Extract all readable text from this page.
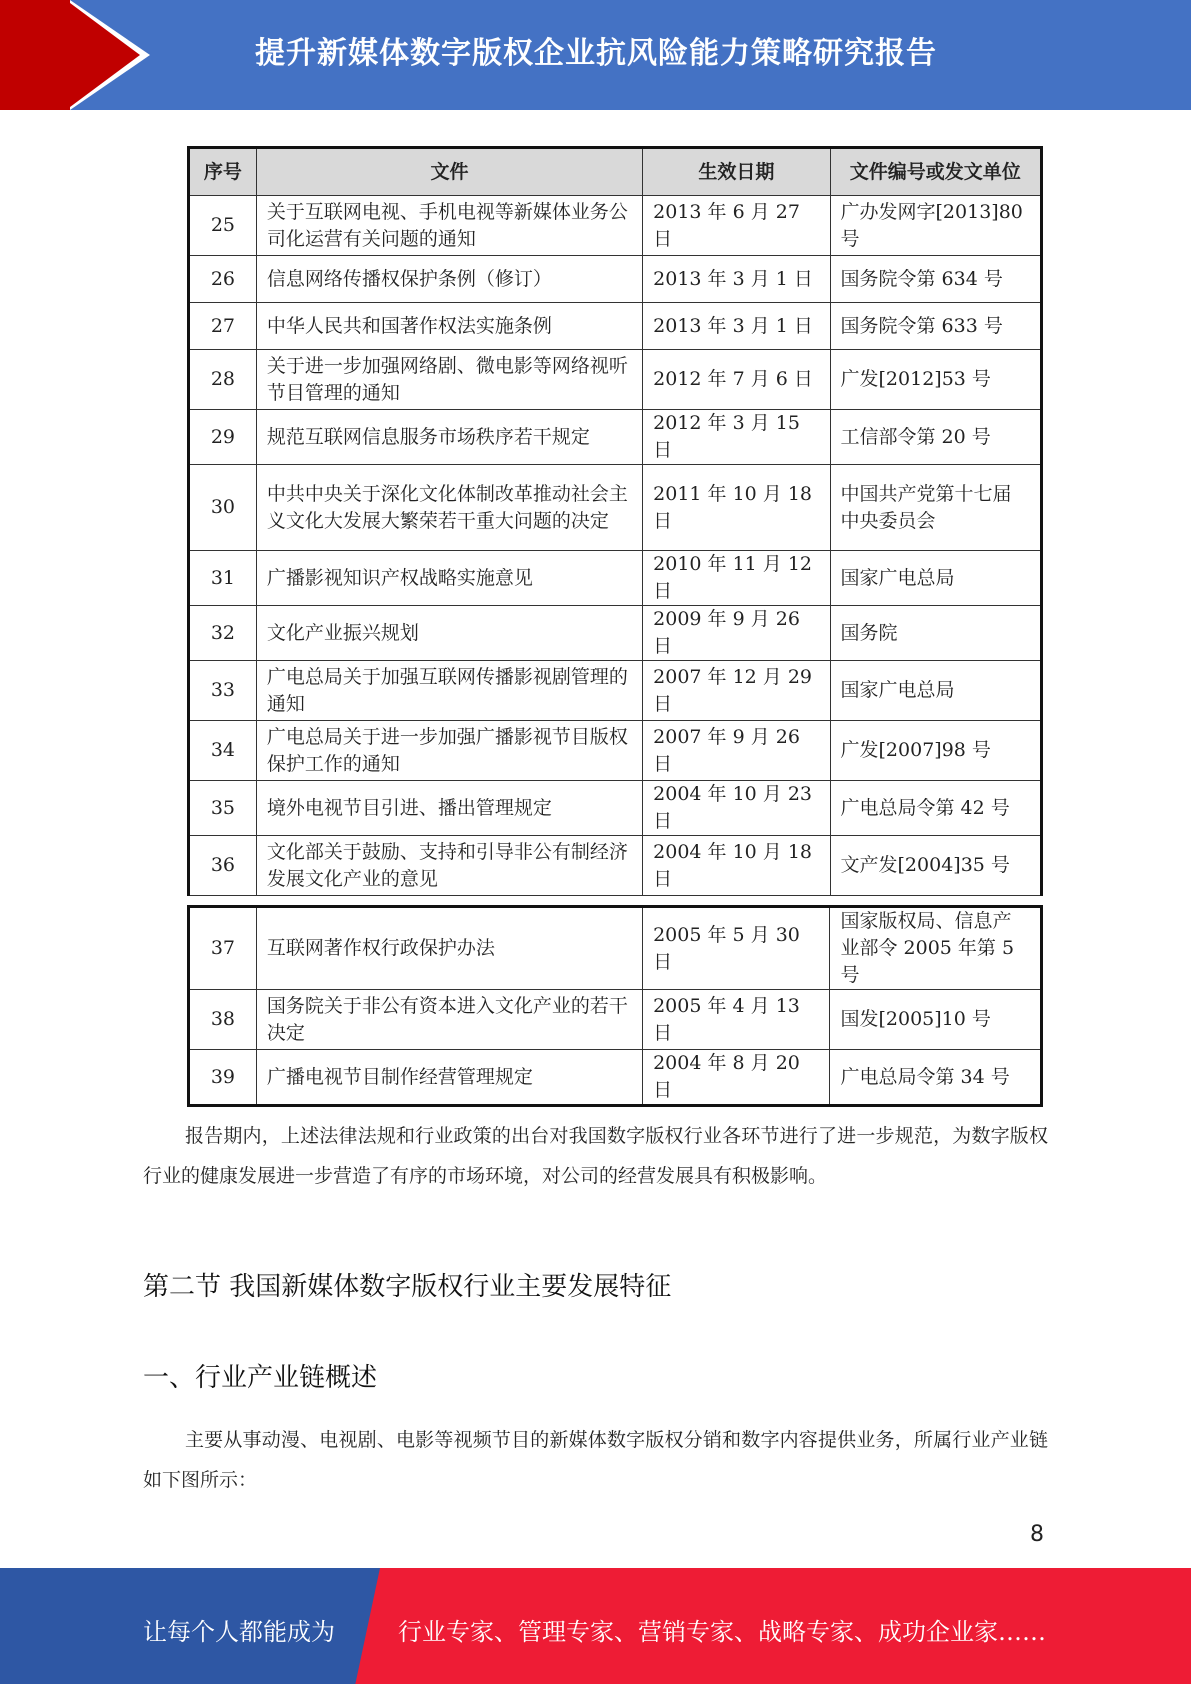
提升新媒体数字版权企业抗风险能力策略研究报告
序号	文件	生效日期	文件编号或发文单位
25	关于互联网电视、手机电视等新媒体业务公司化运营有关问题的通知	2013 年 6 月 27 日	广办发网字[2013]80号
26	信息网络传播权保护条例（修订）	2013 年 3 月 1 日	国务院令第 634 号
27	中华人民共和国著作权法实施条例	2013 年 3 月 1 日	国务院令第 633 号
28	关于进一步加强网络剧、微电影等网络视听节目管理的通知	2012 年 7 月 6 日	广发[2012]53 号
29	规范互联网信息服务市场秩序若干规定	2012 年 3 月 15 日	工信部令第 20 号
30	中共中央关于深化文化体制改革推动社会主义文化大发展大繁荣若干重大问题的决定	2011 年 10 月 18 日	中国共产党第十七届中央委员会
31	广播影视知识产权战略实施意见	2010 年 11 月 12 日	国家广电总局
32	文化产业振兴规划	2009 年 9 月 26 日	国务院
33	广电总局关于加强互联网传播影视剧管理的通知	2007 年 12 月 29 日	国家广电总局
34	广电总局关于进一步加强广播影视节目版权保护工作的通知	2007 年 9 月 26 日	广发[2007]98 号
35	境外电视节目引进、播出管理规定	2004 年 10 月 23 日	广电总局令第 42 号
36	文化部关于鼓励、支持和引导非公有制经济发展文化产业的意见	2004 年 10 月 18 日	文产发[2004]35 号
37	互联网著作权行政保护办法	2005 年 5 月 30 日	国家版权局、信息产业部令 2005 年第 5 号
38	国务院关于非公有资本进入文化产业的若干决定	2005 年 4 月 13 日	国发[2005]10 号
39	广播电视节目制作经营管理规定	2004 年 8 月 20 日	广电总局令第 34 号
报告期内，上述法律法规和行业政策的出台对我国数字版权行业各环节进行了进一步规范，为数字版权行业的健康发展进一步营造了有序的市场环境，对公司的经营发展具有积极影响。
第二节 我国新媒体数字版权行业主要发展特征
一、行业产业链概述
主要从事动漫、电视剧、电影等视频节目的新媒体数字版权分销和数字内容提供业务，所属行业产业链如下图所示：
8
让每个人都能成为	行业专家、管理专家、营销专家、战略专家、成功企业家……
